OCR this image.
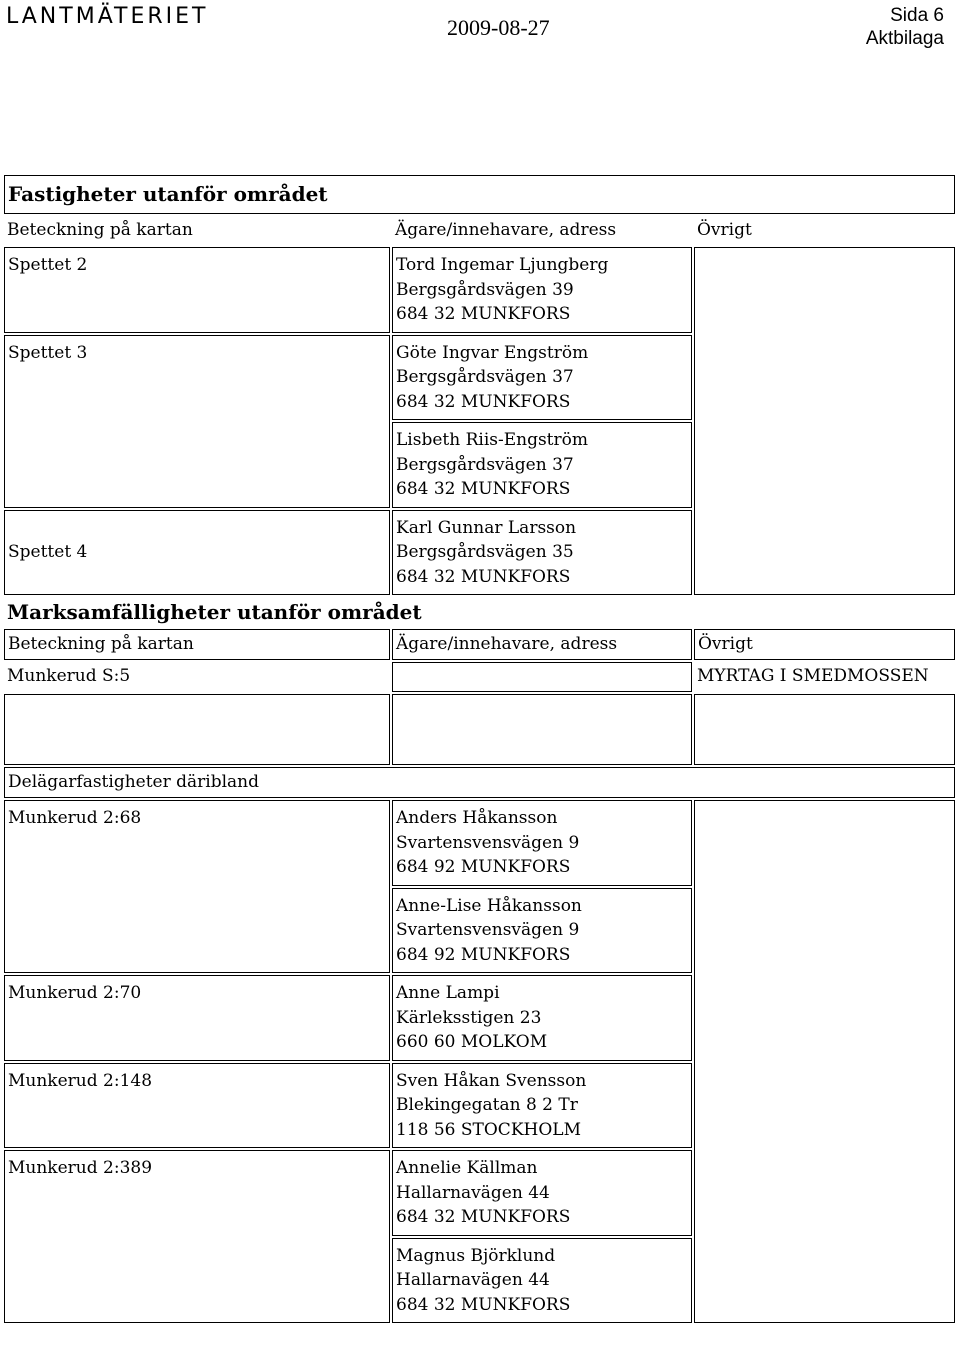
LANTMÄTERIET	2009-08-27	Sida 6
Aktbilaga
Fastigheter utanför området		
Beteckning på kartan	Ägare/innehavare, adress	Övrigt
Spettet 2	Tord Ingemar Ljungberg
Bergsgårdsvägen 39
684 32 MUNKFORS	

Spettet 3	Göte Ingvar Engström
Bergsgårdsvägen 37
684 32 MUNKFORS	

	Lisbeth Riis-Engström
Bergsgårdsvägen 37
684 32 MUNKFORS	

Spettet 4	Karl Gunnar Larsson
Bergsgårdsvägen 35
684 32 MUNKFORS	

Marksamfälligheter utanför området		
Beteckning på kartan	Ägare/innehavare, adress	Övrigt
Munkerud S:5		MYRTAG I SMEDMOSSEN

Delägarfastigheter däribland		
Munkerud 2:68	Anders Håkansson
Svartensvensvägen 9
684 92 MUNKFORS	

	Anne-Lise Håkansson
Svartensvensvägen 9
684 92 MUNKFORS	

Munkerud 2:70	Anne Lampi
Kärleksstigen 23
660 60 MOLKOM	

Munkerud 2:148	Sven Håkan Svensson
Blekingegatan 8 2 Tr
118 56 STOCKHOLM	

Munkerud 2:389	Annelie Källman
Hallarnavägen 44
684 32 MUNKFORS	

	Magnus Björklund
Hallarnavägen 44
684 32 MUNKFORS	
